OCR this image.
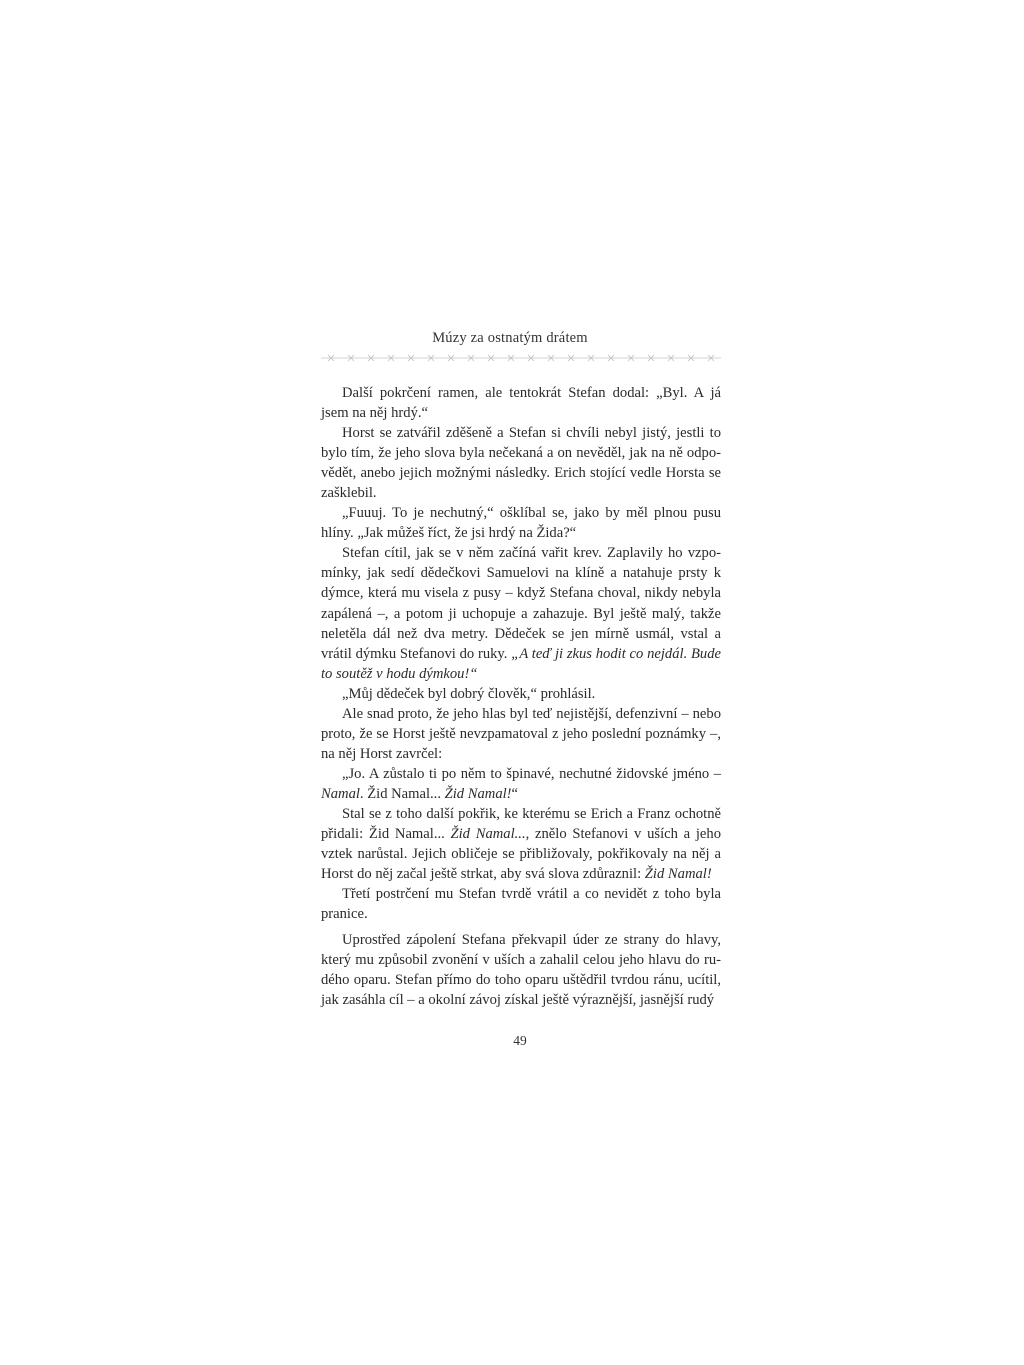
Múzy za ostnatým drátem

Další pokrčení ramen, ale tentokrát Stefan dodal: „Byl. A já jsem na něj hrdý.“

Horst se zatvářil zděšeně a Stefan si chvíli nebyl jistý, jestli to bylo tím, že jeho slova byla nečekaná a on nevěděl, jak na ně odpovědět, anebo jejich možnými následky. Erich stojící vedle Horsta se zašklebil.

„Fuuuj. To je nechutný,“ ošklíbal se, jako by měl plnou pusu hlíny. „Jak můžeš říct, že jsi hrdý na Žida?“

Stefan cítil, jak se v něm začíná vařit krev. Zaplavily ho vzpomínky, jak sedí dědečkovi Samuelovi na klíně a natahuje prsty k dýmce, která mu visela z pusy – když Stefana choval, nikdy nebyla zapálená –, a potom ji uchopuje a zahazuje. Byl ještě malý, takže neletěla dál než dva metry. Dědeček se jen mírně usmál, vstal a vrátil dýmku Stefanovi do ruky. „A teď ji zkus hodit co nejdál. Bude to soutěž v hodu dýmkou!“

„Můj dědeček byl dobrý člověk,“ prohlásil.

Ale snad proto, že jeho hlas byl teď nejistější, defenzivní – nebo proto, že se Horst ještě nevzpamatoval z jeho poslední poznámky –, na něj Horst zavrčel:

„Jo. A zůstalo ti po něm to špinavé, nechutné židovské jméno – Namal. Žid Namal... Žid Namal!“

Stal se z toho další pokřik, ke kterému se Erich a Franz ochotně přidali: Žid Namal... Žid Namal..., znělo Stefanovi v uších a jeho vztek narůstal. Jejich obličeje se přibližovaly, pokřikovaly na něj a Horst do něj začal ještě strkat, aby svá slova zdůraznil: Žid Namal!

Třetí postrčení mu Stefan tvrdě vrátil a co nevidět z toho byla pranice.

Uprostřed zápolení Stefana překvapil úder ze strany do hlavy, který mu způsobil zvonění v uších a zahalil celou jeho hlavu do rudého oparu. Stefan přímo do toho oparu uštědřil tvrdou ránu, ucítil, jak zasáhla cíl – a okolní závoj získal ještě výraznější, jasnější rudý

49
